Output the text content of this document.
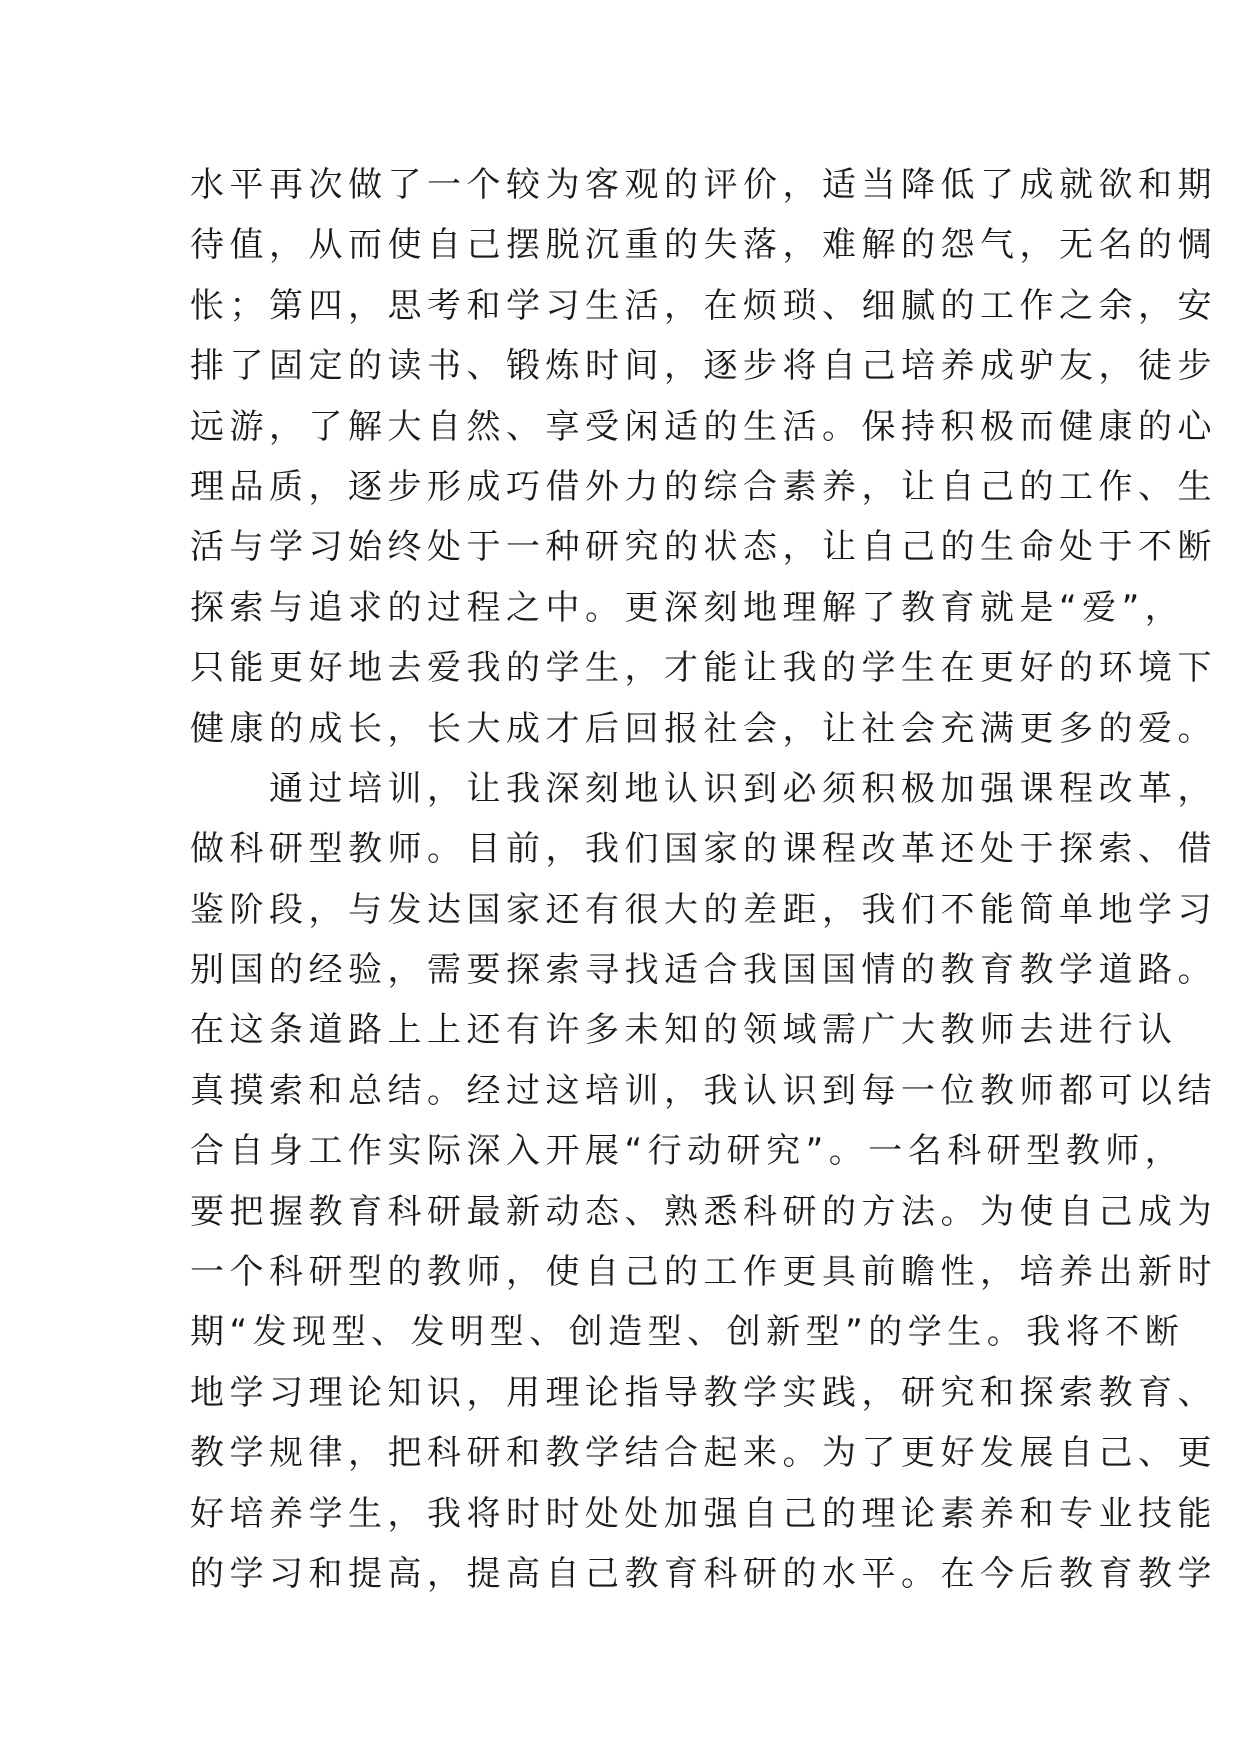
水平再次做了一个较为客观的评价，适当降低了成就欲和期
待值，从而使自己摆脱沉重的失落，难解的怨气，无名的惆
怅；第四，思考和学习生活，在烦琐、细腻的工作之余，安
排了固定的读书、锻炼时间，逐步将自己培养成驴友，徒步
远游，了解大自然、享受闲适的生活。保持积极而健康的心
理品质，逐步形成巧借外力的综合素养，让自己的工作、生
活与学习始终处于一种研究的状态，让自己的生命处于不断
探索与追求的过程之中。更深刻地理解了教育就是“爱”，
只能更好地去爱我的学生，才能让我的学生在更好的环境下
健康的成长，长大成才后回报社会，让社会充满更多的爱。
　　通过培训，让我深刻地认识到必须积极加强课程改革，
做科研型教师。目前，我们国家的课程改革还处于探索、借
鉴阶段，与发达国家还有很大的差距，我们不能简单地学习
别国的经验，需要探索寻找适合我国国情的教育教学道路。
在这条道路上上还有许多未知的领域需广大教师去进行认
真摸索和总结。经过这培训，我认识到每一位教师都可以结
合自身工作实际深入开展“行动研究”。一名科研型教师，
要把握教育科研最新动态、熟悉科研的方法。为使自己成为
一个科研型的教师，使自己的工作更具前瞻性，培养出新时
期“发现型、发明型、创造型、创新型”的学生。我将不断
地学习理论知识，用理论指导教学实践，研究和探索教育、
教学规律，把科研和教学结合起来。为了更好发展自己、更
好培养学生，我将时时处处加强自己的理论素养和专业技能
的学习和提高，提高自己教育科研的水平。在今后教育教学
